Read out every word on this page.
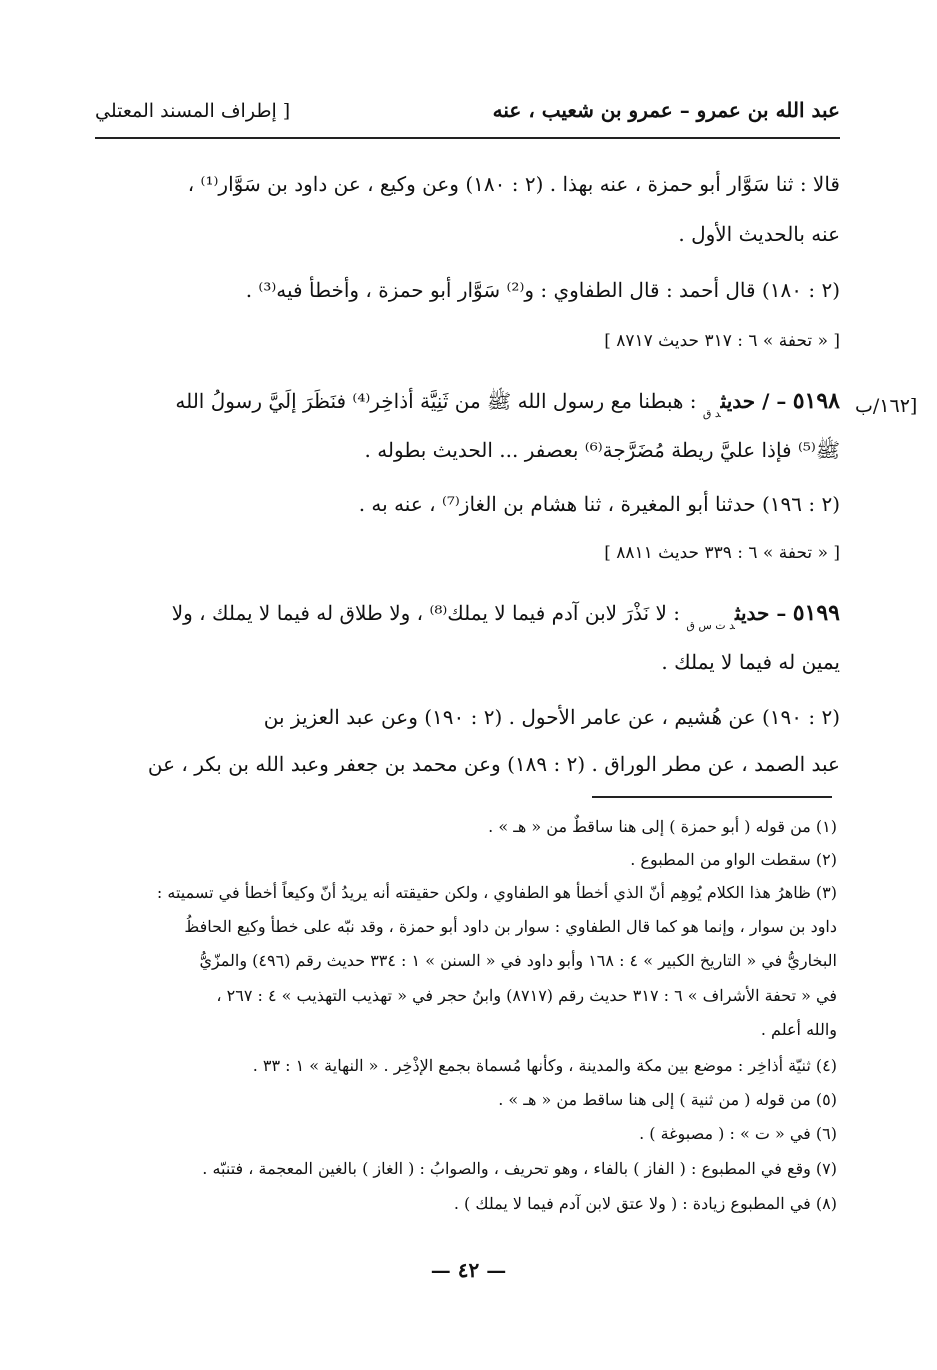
عبد الله بن عمرو – عمرو بن شعيب ، عنه
[ إطراف المسند المعتلي
قالا : ثنا سَوَّار أبو حمزة ، عنه بهذا . (٢ : ١٨٠) وعن وكيع ، عن داود بن سَوَّار⁽¹⁾ ،
عنه بالحديث الأول .
(٢ : ١٨٠) قال أحمد : قال الطفاوي : و⁽²⁾ سَوَّار أبو حمزة ، وأخطأ فيه⁽³⁾ .
[ « تحفة » ٦ : ٣١٧ حديث ٨٧١٧ ]
[١٦٢/ب
٥١٩٨ – / حديث$_{د ق}$ : هبطنا مع رسول الله ﷺ من ثَنِيَّة أذاخِر⁽⁴⁾ فنَظَرَ إلَيَّ رسولُ الله
ﷺ⁽⁵⁾ فإذا عليَّ ريطة مُضَرَّجة⁽⁶⁾ بعصفر ... الحديث بطوله .
(٢ : ١٩٦) حدثنا أبو المغيرة ، ثنا هشام بن الغاز⁽⁷⁾ ، عنه به .
[ « تحفة » ٦ : ٣٣٩ حديث ٨٨١١ ]
٥١٩٩ – حديث$_{د ت س ق}$ : لا نَذْرَ لابن آدم فيما لا يملك⁽⁸⁾ ، ولا طلاق له فيما لا يملك ، ولا
يمين له فيما لا يملك .
(٢ : ١٩٠) عن هُشيم ، عن عامر الأحول . (٢ : ١٩٠) وعن عبد العزيز بن
عبد الصمد ، عن مطر الوراق . (٢ : ١٨٩) وعن محمد بن جعفر وعبد الله بن بكر ، عن
(١) من قوله ( أبو حمزة ) إلى هنا ساقطٌ من « هـ » .
(٢) سقطت الواو من المطبوع .
(٣) ظاهرُ هذا الكلام يُوهِم أنّ الذي أخطأ هو الطفاوي ، ولكن حقيقته أنه يريدُ أنّ وكيعاً أخطأ في تسميته :
داود بن سوار ، وإنما هو كما قال الطفاوي : سوار بن داود أبو حمزة ، وقد نبّه على خطأ وكيع الحافظُ
البخاريُّ في « التاريخ الكبير » ٤ : ١٦٨ وأبو داود في « السنن » ١ : ٣٣٤ حديث رقم (٤٩٦) والمزّيُّ
في « تحفة الأشراف » ٦ : ٣١٧ حديث رقم (٨٧١٧) وابنُ حجر في « تهذيب التهذيب » ٤ : ٢٦٧ ،
والله أعلم .
(٤) ثنيّة أذاخِر : موضع بين مكة والمدينة ، وكأنها مُسماة بجمع الإذْخِر . « النهاية » ١ : ٣٣ .
(٥) من قوله ( من ثنية ) إلى هنا ساقط من « هـ » .
(٦) في « ت » : ( مصبوغة ) .
(٧) وقع في المطبوع : ( الفاز ) بالفاء ، وهو تحريف ، والصوابُ : ( الغاز ) بالغين المعجمة ، فتنبّه .
(٨) في المطبوع زيادة : ( ولا عتق لابن آدم فيما لا يملك ) .
— ٤٢ —
